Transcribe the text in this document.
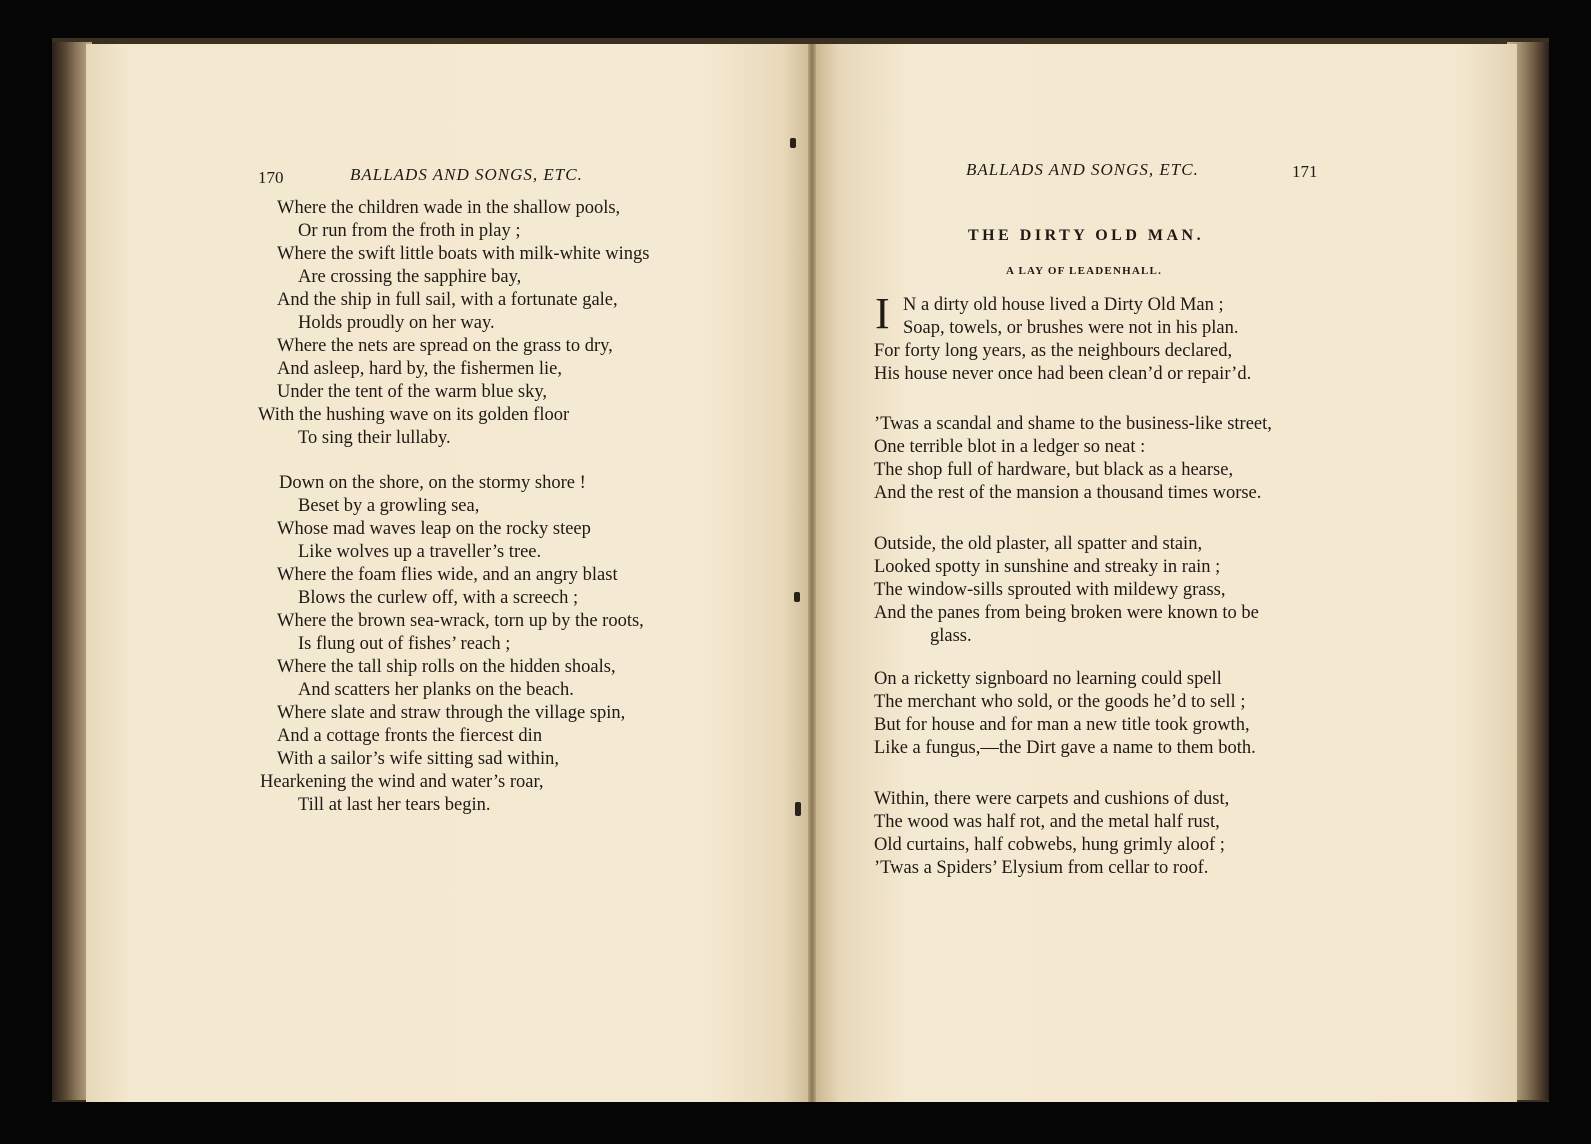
170	BALLADS AND SONGS, ETC.
Where the children wade in the shallow pools,
Or run from the froth in play ;
Where the swift little boats with milk-white wings
Are crossing the sapphire bay,
And the ship in full sail, with a fortunate gale,
Holds proudly on her way.
Where the nets are spread on the grass to dry,
And asleep, hard by, the fishermen lie,
Under the tent of the warm blue sky,
With the hushing wave on its golden floor
To sing their lullaby.
Down on the shore, on the stormy shore !
Beset by a growling sea,
Whose mad waves leap on the rocky steep
Like wolves up a traveller’s tree.
Where the foam flies wide, and an angry blast
Blows the curlew off, with a screech ;
Where the brown sea-wrack, torn up by the roots,
Is flung out of fishes’ reach ;
Where the tall ship rolls on the hidden shoals,
And scatters her planks on the beach.
Where slate and straw through the village spin,
And a cottage fronts the fiercest din
With a sailor’s wife sitting sad within,
Hearkening the wind and water’s roar,
Till at last her tears begin.
BALLADS AND SONGS, ETC.	171
THE DIRTY OLD MAN.
A LAY OF LEADENHALL.
I N a dirty old house lived a Dirty Old Man ;
Soap, towels, or brushes were not in his plan.
For forty long years, as the neighbours declared,
His house never once had been clean’d or repair’d.
’Twas a scandal and shame to the business-like street,
One terrible blot in a ledger so neat :
The shop full of hardware, but black as a hearse,
And the rest of the mansion a thousand times worse.
Outside, the old plaster, all spatter and stain,
Looked spotty in sunshine and streaky in rain ;
The window-sills sprouted with mildewy grass,
And the panes from being broken were known to be
glass.
On a ricketty signboard no learning could spell
The merchant who sold, or the goods he’d to sell ;
But for house and for man a new title took growth,
Like a fungus,—the Dirt gave a name to them both.
Within, there were carpets and cushions of dust,
The wood was half rot, and the metal half rust,
Old curtains, half cobwebs, hung grimly aloof ;
’Twas a Spiders’ Elysium from cellar to roof.
